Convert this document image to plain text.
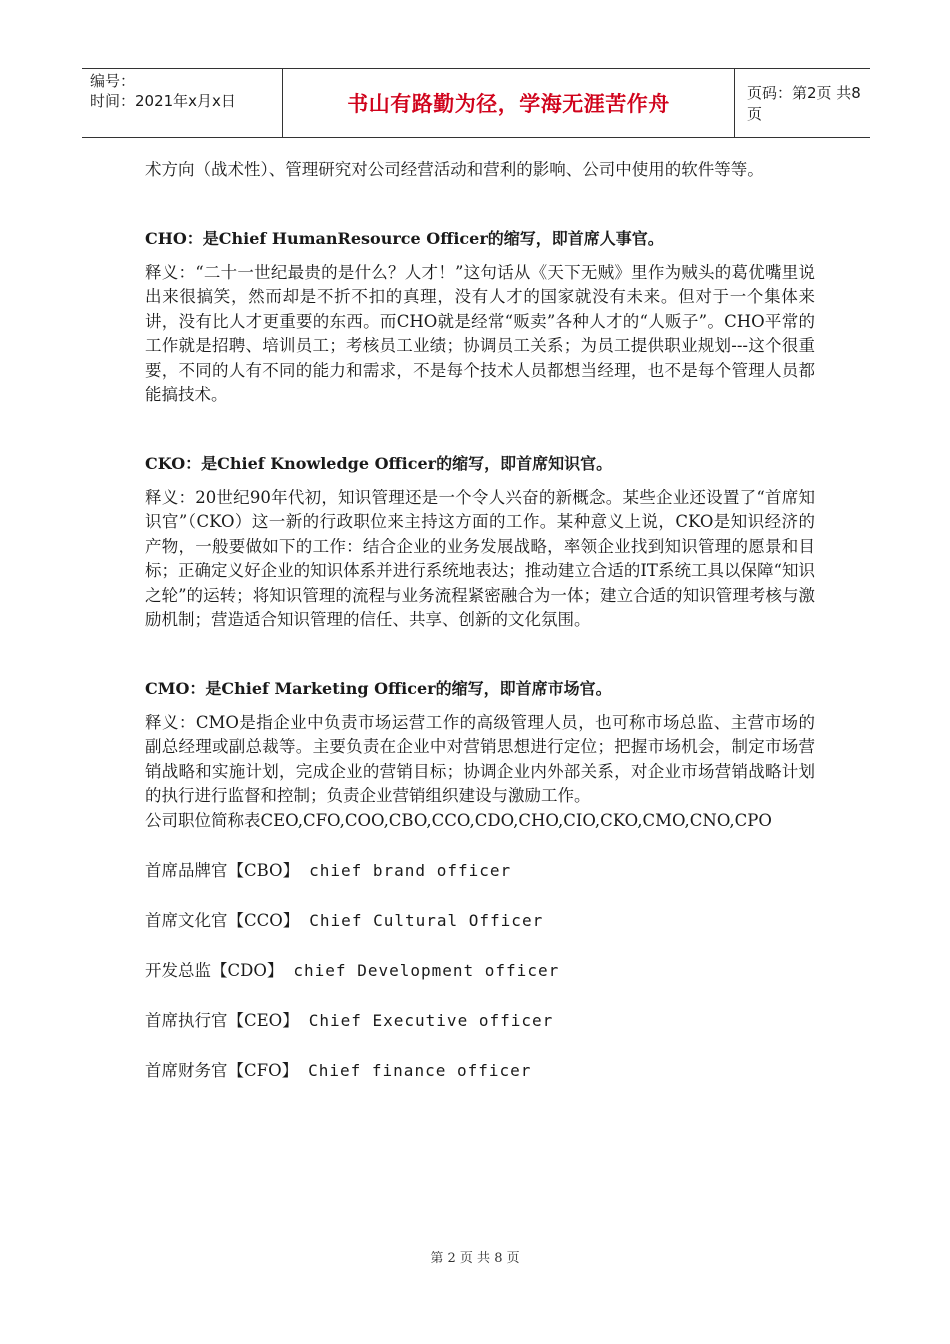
编号：
时间：2021年x月x日	书山有路勤为径，学海无涯苦作舟	页码：第2页 共8页

术方向（战术性）、管理研究对公司经营活动和营利的影响、公司中使用的软件等等。

CHO：是Chief HumanResource Officer的缩写，即首席人事官。

释义：“二十一世纪最贵的是什么？人才！”这句话从《天下无贼》里作为贼头的葛优嘴里说出来很搞笑，然而却是不折不扣的真理，没有人才的国家就没有未来。但对于一个集体来讲，没有比人才更重要的东西。而CHO就是经常“贩卖”各种人才的“人贩子”。CHO平常的工作就是招聘、培训员工；考核员工业绩；协调员工关系；为员工提供职业规划---这个很重要，不同的人有不同的能力和需求，不是每个技术人员都想当经理，也不是每个管理人员都能搞技术。

CKO：是Chief Knowledge Officer的缩写，即首席知识官。

释义：20世纪90年代初，知识管理还是一个令人兴奋的新概念。某些企业还设置了“首席知识官”（CKO）这一新的行政职位来主持这方面的工作。某种意义上说，CKO是知识经济的产物，一般要做如下的工作：结合企业的业务发展战略，率领企业找到知识管理的愿景和目标；正确定义好企业的知识体系并进行系统地表达；推动建立合适的IT系统工具以保障“知识之轮”的运转；将知识管理的流程与业务流程紧密融合为一体；建立合适的知识管理考核与激励机制；营造适合知识管理的信任、共享、创新的文化氛围。

CMO：是Chief Marketing Officer的缩写，即首席市场官。

释义：CMO是指企业中负责市场运营工作的高级管理人员，也可称市场总监、主营市场的副总经理或副总裁等。主要负责在企业中对营销思想进行定位；把握市场机会，制定市场营销战略和实施计划，完成企业的营销目标；协调企业内外部关系，对企业市场营销战略计划的执行进行监督和控制；负责企业营销组织建设与激励工作。

公司职位简称表CEO,CFO,COO,CBO,CCO,CDO,CHO,CIO,CKO,CMO,CNO,CPO

首席品牌官【CBO】 chief brand officer

首席文化官【CCO】 Chief Cultural Officer

开发总监【CDO】 chief Development officer

首席执行官【CEO】 Chief Executive officer

首席财务官【CFO】 Chief finance officer

第 2 页 共 8 页
